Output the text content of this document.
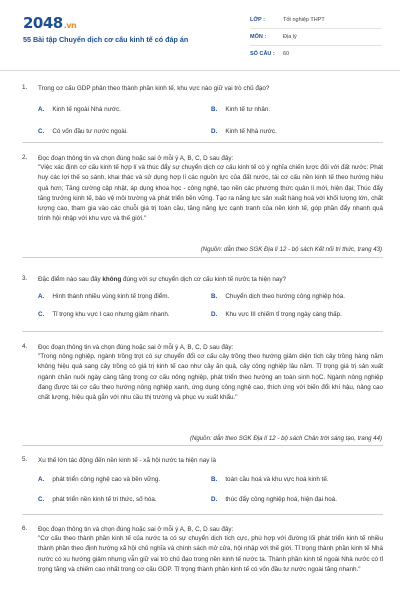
2048.vn
55 Bài tập Chuyển dịch cơ cấu kinh tế có đáp án
LỚP :	Tốt nghiệp THPT
MÔN :	Địa lý
SỐ CÂU :	60
1. Trong cơ cấu GDP phân theo thành phần kinh tế, khu vực nào giữ vai trò chủ đạo?
A. Kinh tế ngoài Nhà nước.	B. Kinh tế tư nhân.
C. Có vốn đầu tư nước ngoài.	D. Kinh tế Nhà nước.
2. Đọc đoạn thông tin và chọn đúng hoặc sai ở mỗi ý A, B, C, D sau đây:
"Việc xác định cơ cấu kinh tế hợp lí và thúc đẩy sự chuyển dịch cơ cấu kinh tế có ý nghĩa chiến lược đối với đất nước: Phát huy các lợi thế so sánh, khai thác và sử dụng hợp lí các nguồn lực của đất nước, tái cơ cấu nền kinh tế theo hướng hiệu quả hơn; Tăng cường cập nhật, áp dụng khoa học - công nghệ, tạo nền các phương thức quản lí mới, hiện đại; Thúc đẩy tăng trưởng kinh tế, bảo vệ môi trường và phát triển bền vững. Tạo ra năng lực sản xuất hàng hoá với khối lượng lớn, chất lượng cao, tham gia vào các chuỗi giá trị toàn cầu, tăng năng lực cạnh tranh của nền kinh tế, góp phần đẩy nhanh quá trình hội nhập với khu vực và thế giới."
(Nguồn: dẫn theo SGK Địa lí 12 - bộ sách Kết nối tri thức, trang 43)
3. Đặc điểm nào sau đây không đúng với sự chuyển dịch cơ cấu kinh tế nước ta hiện nay?
A. Hình thành nhiều vùng kinh tế trọng điểm.	B. Chuyển dịch theo hướng công nghiệp hóa.
C. Tỉ trọng khu vực I cao nhưng giảm nhanh.	D. Khu vực III chiếm tỉ trọng ngày càng thấp.
4. Đọc đoạn thông tin và chọn đúng hoặc sai ở mỗi ý A, B, C, D sau đây:
"Trong nông nghiệp, ngành trồng trọt có sự chuyển đổi cơ cấu cây trồng theo hướng giảm diện tích cây trồng hàng năm không hiệu quả sang cây trồng có giá trị kinh tế cao như cây ăn quả, cây công nghiệp lâu năm. Tỉ trọng giá trị sản xuất ngành chăn nuôi ngày càng tăng trong cơ cấu nông nghiệp, phát triển theo hướng an toàn sinh họC. Ngành nông nghiệp đang được tái cơ cấu theo hướng nông nghiệp xanh, ứng dụng công nghệ cao, thích ứng với biến đổi khí hậu, nâng cao chất lượng, hiệu quả gắn với nhu cầu thị trường và phục vụ xuất khẩu."
(Nguồn: dẫn theo SGK Địa lí 12 - bộ sách Chân trời sáng tạo, trang 44)
5. Xu thế lớn tác động đến nền kinh tế - xã hội nước ta hiện nay là
A. phát triển công nghệ cao và bền vững.	B. toàn cầu hoá và khu vực hoá kinh tế.
C. phát triển nền kinh tế tri thức, số hóa.	D. thúc đẩy công nghiệp hoá, hiện đại hoá.
6. Đọc đoạn thông tin và chọn đúng hoặc sai ở mỗi ý A, B, C, D sau đây:
"Cơ cấu theo thành phần kinh tế của nước ta có sự chuyển dịch tích cực, phù hợp với đường lối phát triển kinh tế nhiều thành phần theo định hướng xã hội chủ nghĩa và chính sách mở cửa, hội nhập với thế giới. Tỉ trọng thành phần kinh tế Nhà nước có xu hướng giảm nhưng vẫn giữ vai trò chủ đạo trong nền kinh tế nước ta. Thành phần kinh tế ngoài Nhà nước có tỉ trọng tăng và chiếm cao nhất trong cơ cấu GDP. Tỉ trọng thành phần kinh tế có vốn đầu tư nước ngoài tăng nhanh."
